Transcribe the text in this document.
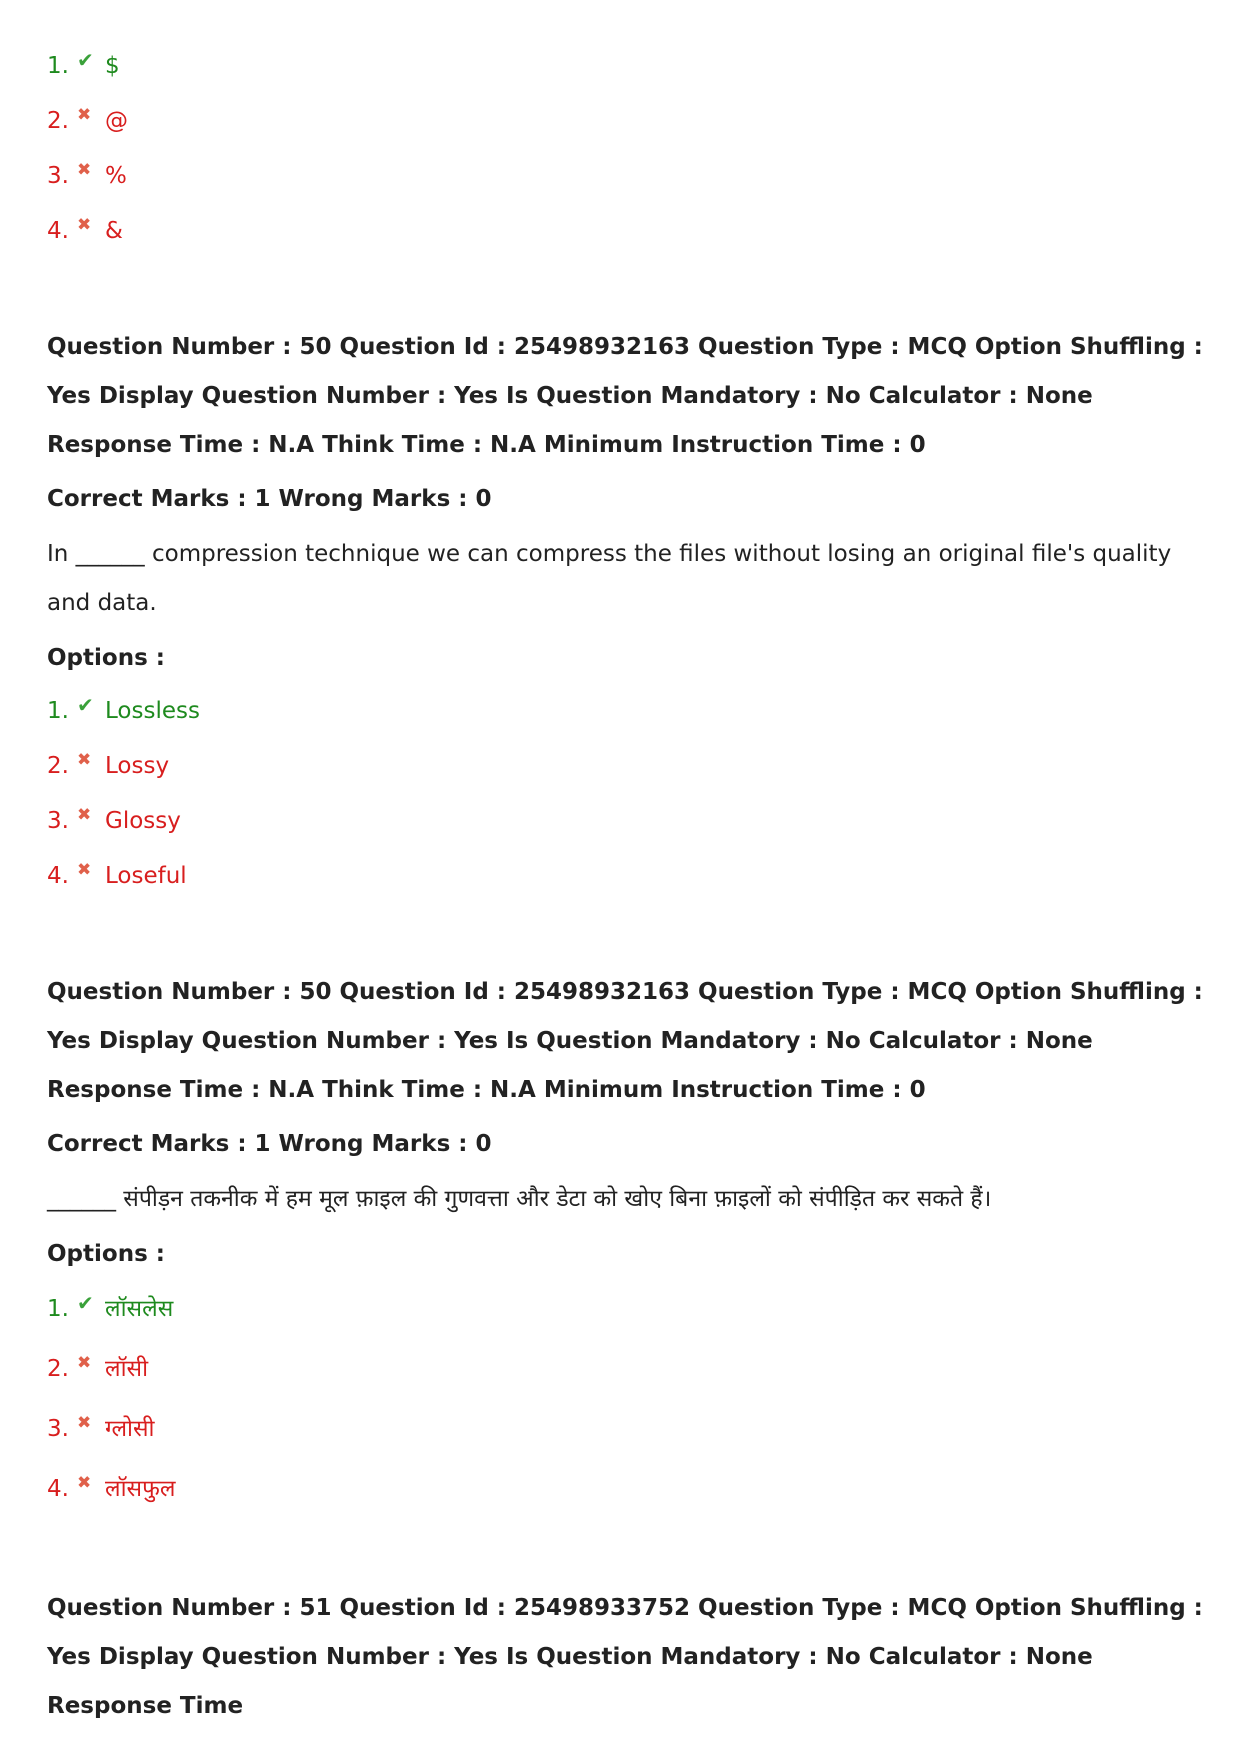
1. ✔ $
2. ✖ @
3. ✖ %
4. ✖ &
Question Number : 50 Question Id : 25498932163 Question Type : MCQ Option Shuffling : Yes Display Question Number : Yes Is Question Mandatory : No Calculator : None Response Time : N.A Think Time : N.A Minimum Instruction Time : 0
Correct Marks : 1 Wrong Marks : 0
In ______ compression technique we can compress the files without losing an original file's quality and data.
Options :
1. ✔ Lossless
2. ✖ Lossy
3. ✖ Glossy
4. ✖ Loseful
Question Number : 50 Question Id : 25498932163 Question Type : MCQ Option Shuffling : Yes Display Question Number : Yes Is Question Mandatory : No Calculator : None Response Time : N.A Think Time : N.A Minimum Instruction Time : 0
Correct Marks : 1 Wrong Marks : 0
______ संपीड़न तकनीक में हम मूल फ़ाइल की गुणवत्ता और डेटा को खोए बिना फ़ाइलों को संपीड़ित कर सकते हैं।
Options :
1. ✔ लॉसलेस
2. ✖ लॉसी
3. ✖ ग्लोसी
4. ✖ लॉसफुल
Question Number : 51 Question Id : 25498933752 Question Type : MCQ Option Shuffling : Yes Display Question Number : Yes Is Question Mandatory : No Calculator : None Response Time
